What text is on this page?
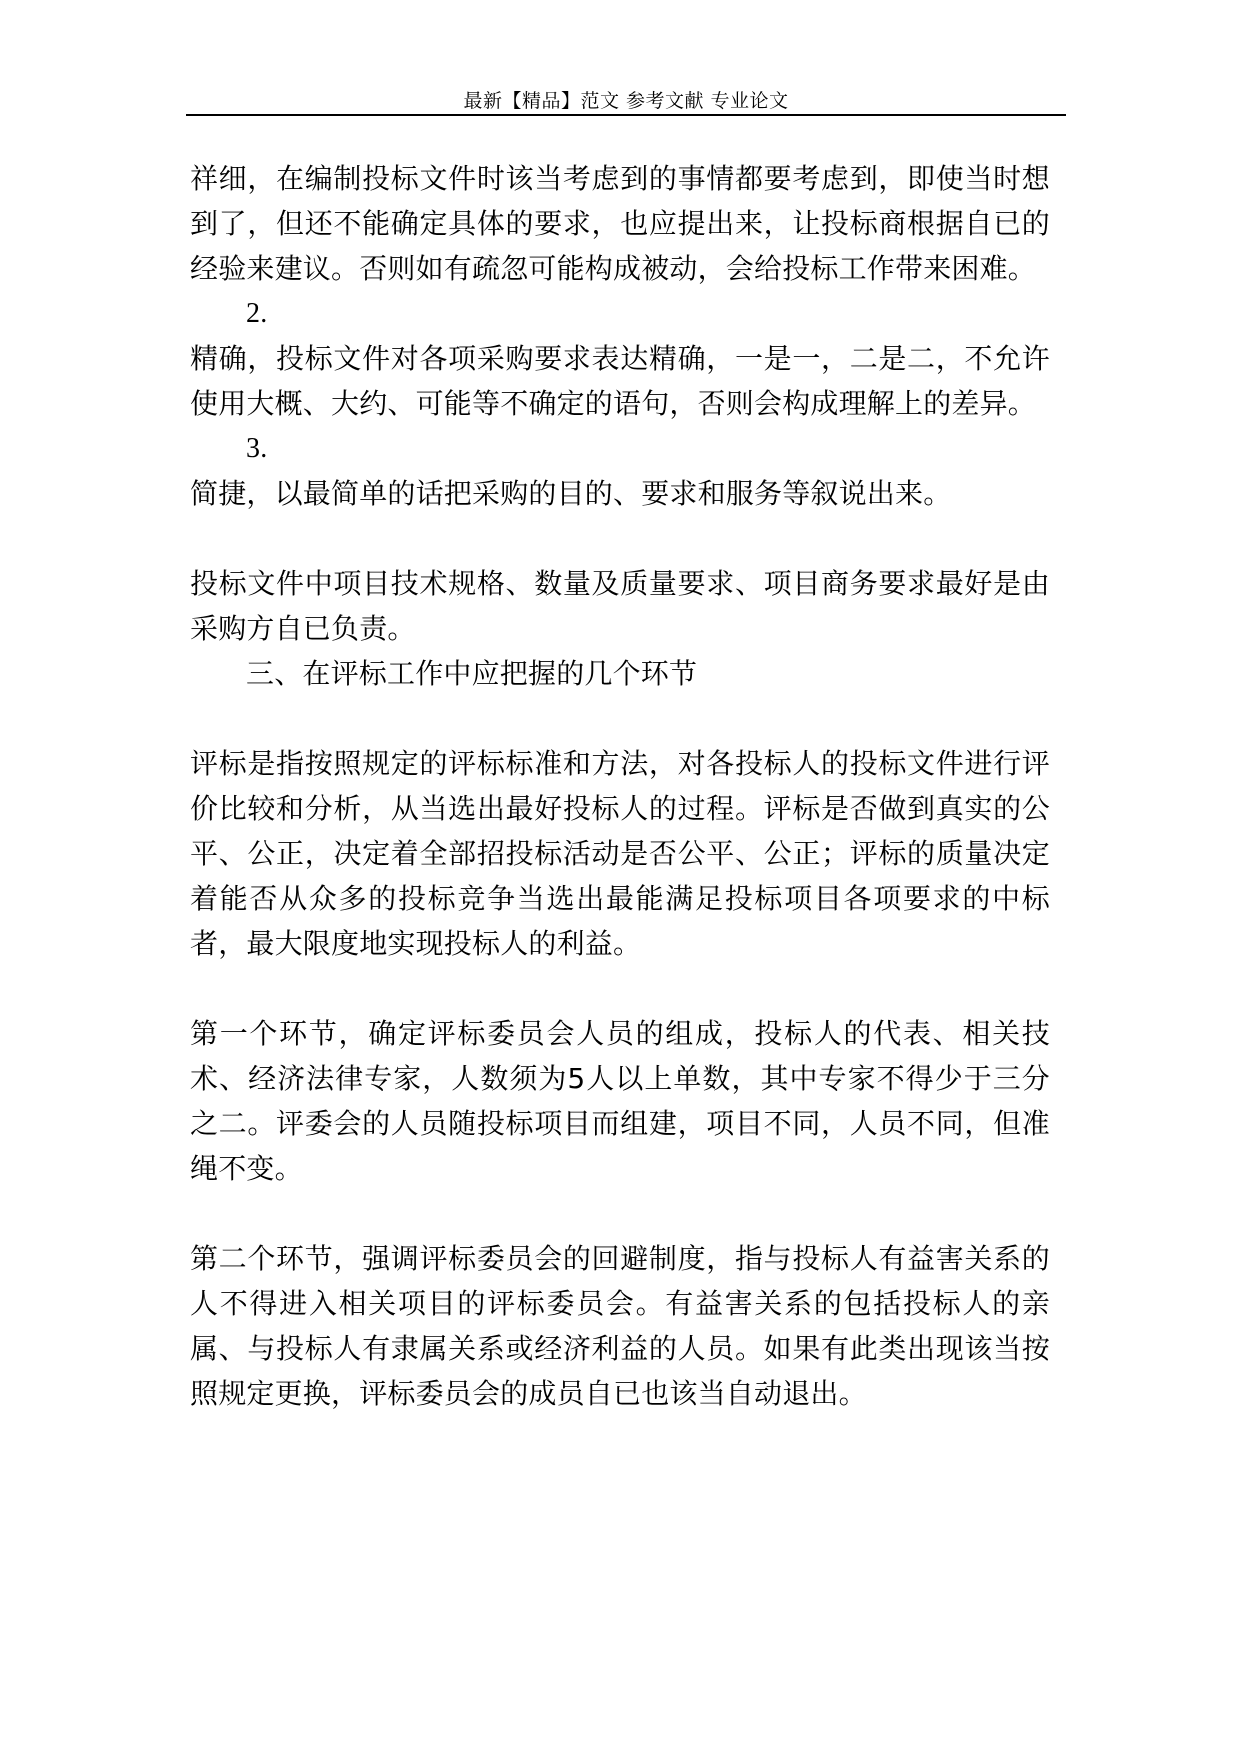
最新【精品】范文 参考文献 专业论文

祥细，在编制投标文件时该当考虑到的事情都要考虑到，即使当时想到了，但还不能确定具体的要求，也应提出来，让投标商根据自已的经验来建议。否则如有疏忽可能构成被动，会给投标工作带来困难。

2.

精确，投标文件对各项采购要求表达精确，一是一，二是二，不允许使用大概、大约、可能等不确定的语句，否则会构成理解上的差异。

3.

简捷，以最简单的话把采购的目的、要求和服务等叙说出来。

投标文件中项目技术规格、数量及质量要求、项目商务要求最好是由采购方自已负责。

三、在评标工作中应把握的几个环节

评标是指按照规定的评标标准和方法，对各投标人的投标文件进行评价比较和分析，从当选出最好投标人的过程。评标是否做到真实的公平、公正，决定着全部招投标活动是否公平、公正；评标的质量决定着能否从众多的投标竞争当选出最能满足投标项目各项要求的中标者，最大限度地实现投标人的利益。

第一个环节，确定评标委员会人员的组成，投标人的代表、相关技术、经济法律专家，人数须为5人以上单数，其中专家不得少于三分之二。评委会的人员随投标项目而组建，项目不同，人员不同，但准绳不变。

第二个环节，强调评标委员会的回避制度，指与投标人有益害关系的人不得进入相关项目的评标委员会。有益害关系的包括投标人的亲属、与投标人有隶属关系或经济利益的人员。如果有此类出现该当按照规定更换，评标委员会的成员自已也该当自动退出。
